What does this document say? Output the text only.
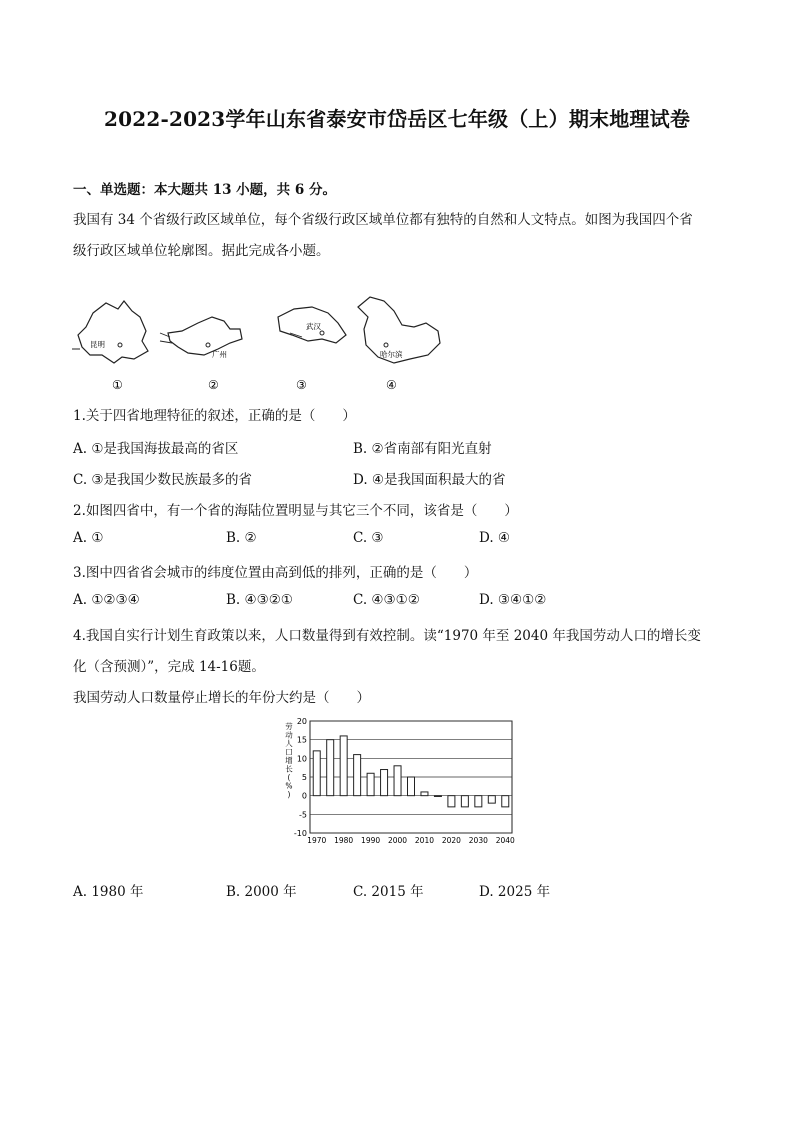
2022-2023学年山东省泰安市岱岳区七年级（上）期末地理试卷
一、单选题：本大题共 13 小题，共 6 分。
我国有 34 个省级行政区域单位，每个省级行政区域单位都有独特的自然和人文特点。如图为我国四个省
级行政区域单位轮廓图。据此完成各小题。
昆明
①
广州
②
武汉
③
哈尔滨
④
1.关于四省地理特征的叙述，正确的是（　　）
A. ①是我国海拔最高的省区	B. ②省南部有阳光直射
C. ③是我国少数民族最多的省	D. ④是我国面积最大的省
2.如图四省中，有一个省的海陆位置明显与其它三个不同，该省是（　　）
A. ①	B. ②	C. ③	D. ④
3.图中四省省会城市的纬度位置由高到低的排列，正确的是（　　）
A. ①②③④	B. ④③②①	C. ④③①②	D. ③④①②
4.我国自实行计划生育政策以来，人口数量得到有效控制。读“1970 年至 2040 年我国劳动人口的增长变
化（含预测）”，完成 14-16题。
我国劳动人口数量停止增长的年份大约是（　　）
20
15
10
5
0
-5
-10
1970 1980 1990 2000 2010 2020 2030 2040
劳
动
人
口
增
长
(
%
)
A. 1980 年	B. 2000 年	C. 2015 年	D. 2025 年
